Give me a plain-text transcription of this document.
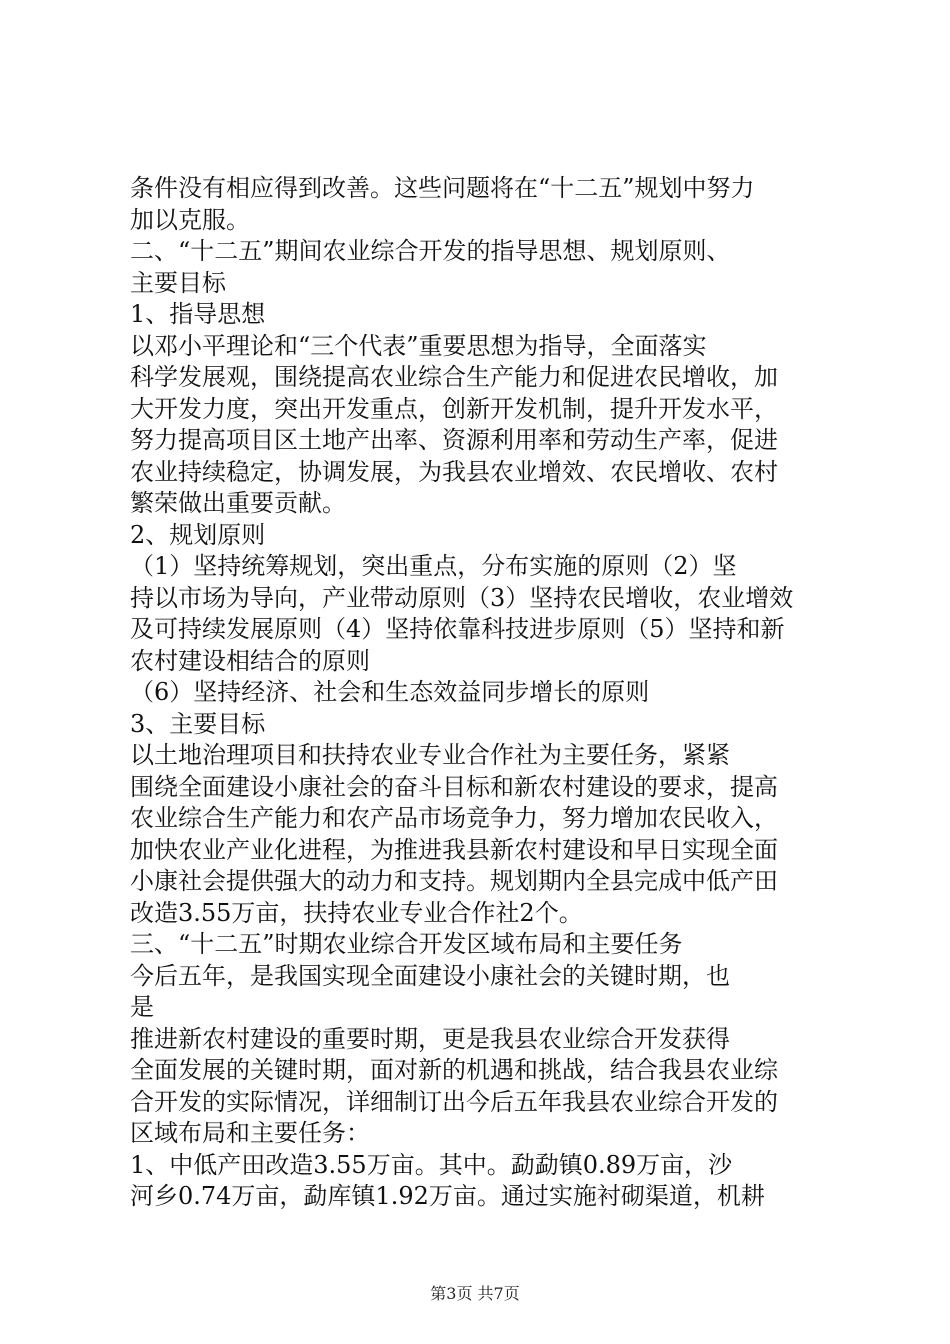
条件没有相应得到改善。这些问题将在“十二五”规划中努力
加以克服。
二、“十二五”期间农业综合开发的指导思想、规划原则、
主要目标
1、指导思想
以邓小平理论和“三个代表”重要思想为指导，全面落实
科学发展观，围绕提高农业综合生产能力和促进农民增收，加
大开发力度，突出开发重点，创新开发机制，提升开发水平，
努力提高项目区土地产出率、资源利用率和劳动生产率，促进
农业持续稳定，协调发展，为我县农业增效、农民增收、农村
繁荣做出重要贡献。
2、规划原则
（1）坚持统筹规划，突出重点，分布实施的原则（2）坚
持以市场为导向，产业带动原则（3）坚持农民增收，农业增效
及可持续发展原则（4）坚持依靠科技进步原则（5）坚持和新
农村建设相结合的原则
（6）坚持经济、社会和生态效益同步增长的原则
3、主要目标
以土地治理项目和扶持农业专业合作社为主要任务，紧紧
围绕全面建设小康社会的奋斗目标和新农村建设的要求，提高
农业综合生产能力和农产品市场竞争力，努力增加农民收入，
加快农业产业化进程，为推进我县新农村建设和早日实现全面
小康社会提供强大的动力和支持。规划期内全县完成中低产田
改造3.55万亩，扶持农业专业合作社2个。
三、“十二五”时期农业综合开发区域布局和主要任务
今后五年，是我国实现全面建设小康社会的关键时期，也
是
推进新农村建设的重要时期，更是我县农业综合开发获得
全面发展的关键时期，面对新的机遇和挑战，结合我县农业综
合开发的实际情况，详细制订出今后五年我县农业综合开发的
区域布局和主要任务：
1、中低产田改造3.55万亩。其中。勐勐镇0.89万亩，沙
河乡0.74万亩，勐库镇1.92万亩。通过实施衬砌渠道，机耕
第3页 共7页
